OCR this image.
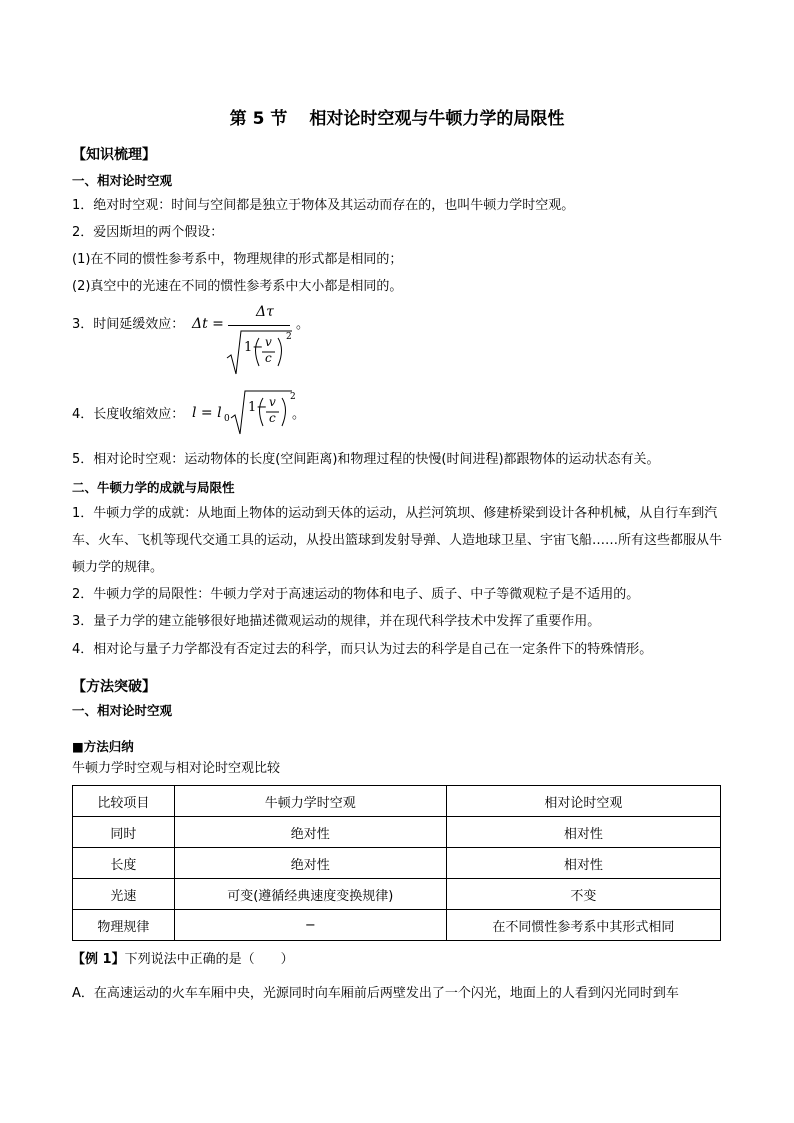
第 5 节 相对论时空观与牛顿力学的局限性
【知识梳理】
一、相对论时空观
1．绝对时空观：时间与空间都是独立于物体及其运动而存在的，也叫牛顿力学时空观。
2．爱因斯坦的两个假设：
(1)在不同的惯性参考系中，物理规律的形式都是相同的；
(2)真空中的光速在不同的惯性参考系中大小都是相同的。
3．时间延缓效应： Δt =
Δτ
1− v
c
2
。
4．长度收缩效应： l = l 0
1− v
c
2
。
5．相对论时空观：运动物体的长度(空间距离)和物理过程的快慢(时间进程)都跟物体的运动状态有关。
二、牛顿力学的成就与局限性
1．牛顿力学的成就：从地面上物体的运动到天体的运动，从拦河筑坝、修建桥梁到设计各种机械，从自行车到汽车、火车、飞机等现代交通工具的运动，从投出篮球到发射导弹、人造地球卫星、宇宙飞船……所有这些都服从牛顿力学的规律。
2．牛顿力学的局限性：牛顿力学对于高速运动的物体和电子、质子、中子等微观粒子是不适用的。
3．量子力学的建立能够很好地描述微观运动的规律，并在现代科学技术中发挥了重要作用。
4．相对论与量子力学都没有否定过去的科学，而只认为过去的科学是自己在一定条件下的特殊情形。
【方法突破】
一、相对论时空观
■方法归纳
牛顿力学时空观与相对论时空观比较
比较项目	牛顿力学时空观	相对论时空观
同时	绝对性	相对性
长度	绝对性	相对性
光速	可变(遵循经典速度变换规律)	不变
物理规律	−	在不同惯性参考系中其形式相同
【例 1】下列说法中正确的是（　　）
A．在高速运动的火车车厢中央，光源同时向车厢前后两壁发出了一个闪光，地面上的人看到闪光同时到车
